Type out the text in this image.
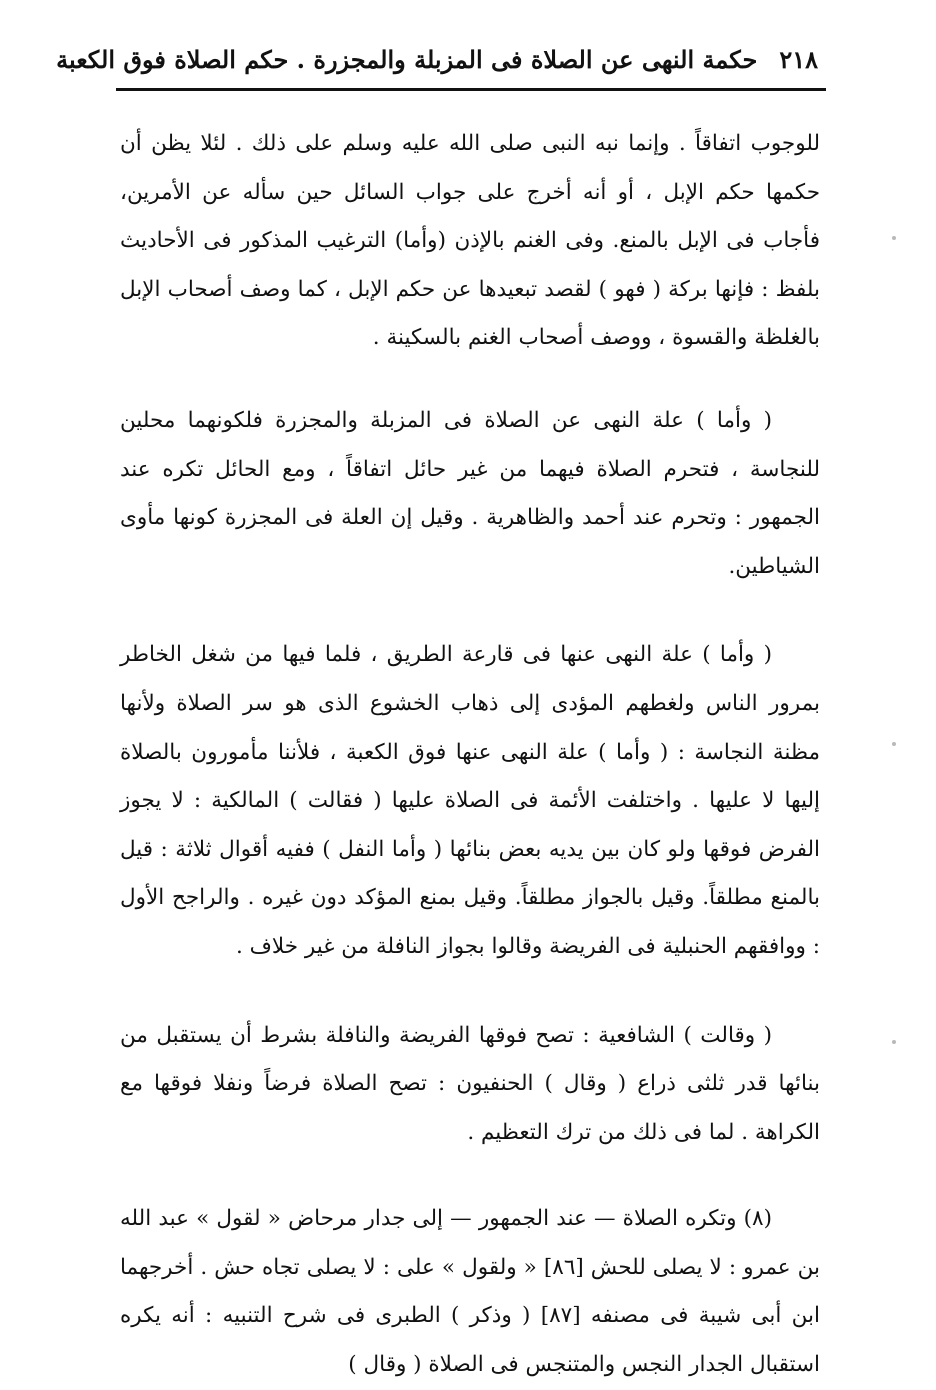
٢١٨
حكمة النهى عن الصلاة فى المزبلة والمجزرة . حكم الصلاة فوق الكعبة

للوجوب اتفاقاً . وإنما نبه النبى صلى الله عليه وسلم على ذلك . لئلا يظن أن حكمها حكم الإبل ، أو أنه أخرج على جواب السائل حين سأله عن الأمرين، فأجاب فى الإبل بالمنع. وفى الغنم بالإذن (وأما) الترغيب المذكور فى الأحاديث بلفظ : فإنها بركة ( فهو ) لقصد تبعيدها عن حكم الإبل ، كما وصف أصحاب الإبل بالغلظة والقسوة ، ووصف أصحاب الغنم بالسكينة .

( وأما ) علة النهى عن الصلاة فى المزبلة والمجزرة فلكونهما محلين للنجاسة ، فتحرم الصلاة فيهما من غير حائل اتفاقاً ، ومع الحائل تكره عند الجمهور : وتحرم عند أحمد والظاهرية . وقيل إن العلة فى المجزرة كونها مأوى الشياطين.

( وأما ) علة النهى عنها فى قارعة الطريق ، فلما فيها من شغل الخاطر بمرور الناس ولغطهم المؤدى إلى ذهاب الخشوع الذى هو سر الصلاة ولأنها مظنة النجاسة : ( وأما ) علة النهى عنها فوق الكعبة ، فلأننا مأمورون بالصلاة إليها لا عليها . واختلفت الأئمة فى الصلاة عليها ( فقالت ) المالكية : لا يجوز الفرض فوقها ولو كان بين يديه بعض بنائها ( وأما النفل ) ففيه أقوال ثلاثة : قيل بالمنع مطلقاً. وقيل بالجواز مطلقاً. وقيل بمنع المؤكد دون غيره . والراجح الأول : ووافقهم الحنبلية فى الفريضة وقالوا بجواز النافلة من غير خلاف .

( وقالت ) الشافعية : تصح فوقها الفريضة والنافلة بشرط أن يستقبل من بنائها قدر ثلثى ذراع ( وقال ) الحنفيون : تصح الصلاة فرضاً ونفلا فوقها مع الكراهة . لما فى ذلك من ترك التعظيم .

(٨) وتكره الصلاة — عند الجمهور — إلى جدار مرحاض « لقول » عبد الله بن عمرو : لا يصلى للحش [٨٦] « ولقول » على : لا يصلى تجاه حش . أخرجهما ابن أبى شيبة فى مصنفه [٨٧] ( وذكر ) الطبرى فى شرح التنبيه : أنه يكره استقبال الجدار النجس والمتنجس فى الصلاة ( وقال )
